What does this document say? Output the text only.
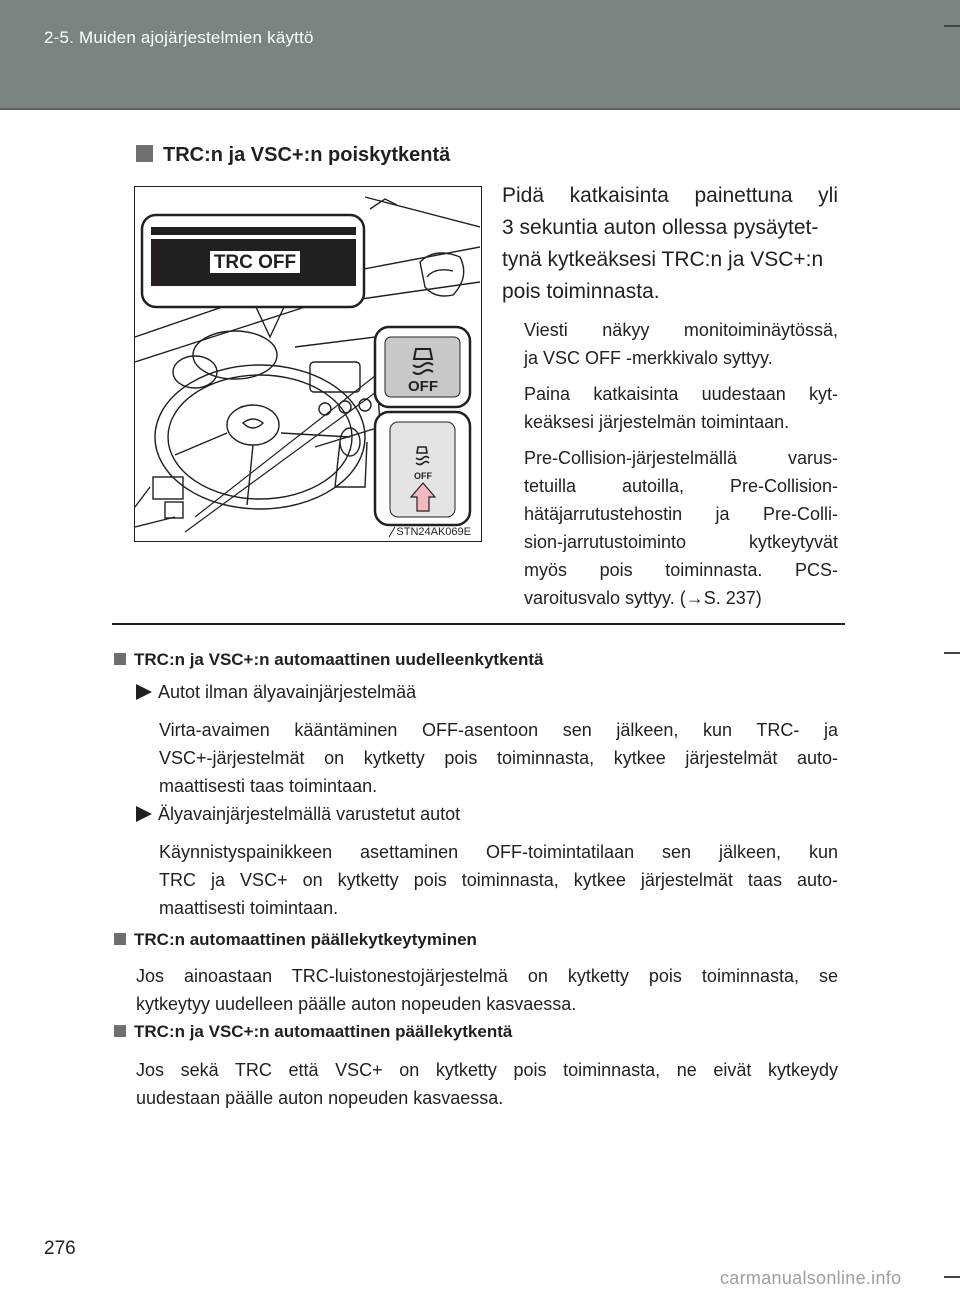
2-5. Muiden ajojärjestelmien käyttö
TRC:n ja VSC+:n poiskytkentä
TRC OFF
OFF
OFF
STN24AK069E
Pidä katkaisinta painettuna yli
3 sekuntia auton ollessa pysäytet-
tynä kytkeäksesi TRC:n ja VSC+:n
pois toiminnasta.
Viesti näkyy monitoiminäytössä,
ja VSC OFF -merkkivalo syttyy.
Paina katkaisinta uudestaan kyt-
keäksesi järjestelmän toimintaan.
Pre-Collision-järjestelmällä varus-
tetuilla autoilla, Pre-Collision-
hätäjarrutustehostin ja Pre-Colli-
sion-jarrutustoiminto kytkeytyvät
myös pois toiminnasta. PCS-
varoitusvalo syttyy. (→S. 237)
TRC:n ja VSC+:n automaattinen uudelleenkytkentä
Autot ilman älyavainjärjestelmää
Virta-avaimen kääntäminen OFF-asentoon sen jälkeen, kun TRC- ja
VSC+-järjestelmät on kytketty pois toiminnasta, kytkee järjestelmät auto-
maattisesti taas toimintaan.
Älyavainjärjestelmällä varustetut autot
Käynnistyspainikkeen asettaminen OFF-toimintatilaan sen jälkeen, kun
TRC ja VSC+ on kytketty pois toiminnasta, kytkee järjestelmät taas auto-
maattisesti toimintaan.
TRC:n automaattinen päällekytkeytyminen
Jos ainoastaan TRC-luistonestojärjestelmä on kytketty pois toiminnasta, se
kytkeytyy uudelleen päälle auton nopeuden kasvaessa.
TRC:n ja VSC+:n automaattinen päällekytkentä
Jos sekä TRC että VSC+ on kytketty pois toiminnasta, ne eivät kytkeydy
uudestaan päälle auton nopeuden kasvaessa.
276
carmanualsonline.info
